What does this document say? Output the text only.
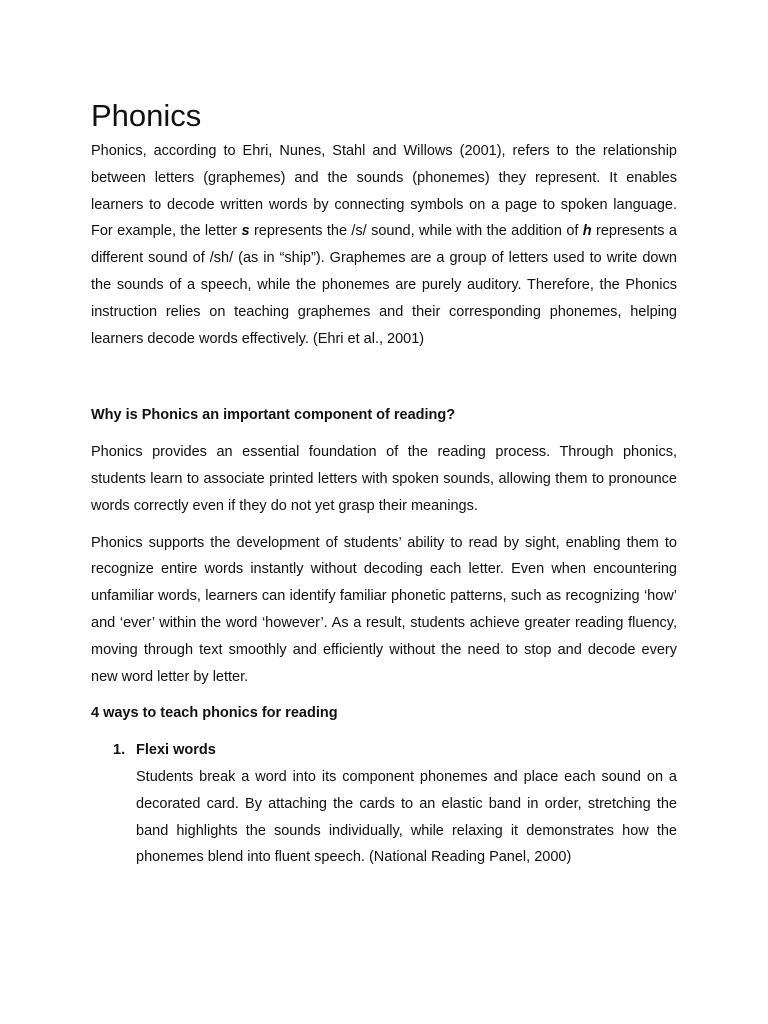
Phonics

Phonics, according to Ehri, Nunes, Stahl and Willows (2001), refers to the relationship between letters (graphemes) and the sounds (phonemes) they represent. It enables learners to decode written words by connecting symbols on a page to spoken language. For example, the letter s represents the /s/ sound, while with the addition of h represents a different sound of /sh/ (as in “ship”). Graphemes are a group of letters used to write down the sounds of a speech, while the phonemes are purely auditory. Therefore, the Phonics instruction relies on teaching graphemes and their corresponding phonemes, helping learners decode words effectively. (Ehri et al., 2001)

Why is Phonics an important component of reading?

Phonics provides an essential foundation of the reading process. Through phonics, students learn to associate printed letters with spoken sounds, allowing them to pronounce words correctly even if they do not yet grasp their meanings.

Phonics supports the development of students’ ability to read by sight, enabling them to recognize entire words instantly without decoding each letter. Even when encountering unfamiliar words, learners can identify familiar phonetic patterns, such as recognizing ‘how’ and ‘ever’ within the word ‘however’. As a result, students achieve greater reading fluency, moving through text smoothly and efficiently without the need to stop and decode every new word letter by letter.

4 ways to teach phonics for reading
1. Flexi words

Students break a word into its component phonemes and place each sound on a decorated card. By attaching the cards to an elastic band in order, stretching the band highlights the sounds individually, while relaxing it demonstrates how the phonemes blend into fluent speech. (National Reading Panel, 2000)
